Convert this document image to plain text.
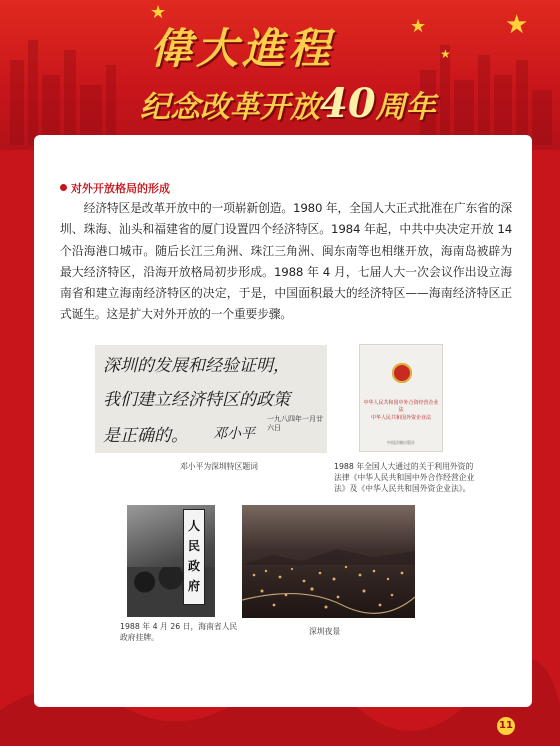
★
★
★
★
偉大進程
纪念改革开放40周年
对外开放格局的形成

经济特区是改革开放中的一项崭新创造。1980 年，全国人大正式批准在广东省的深圳、珠海、汕头和福建省的厦门设置四个经济特区。1984 年起，中共中央决定开放 14 个沿海港口城市。随后长江三角洲、珠江三角洲、闽东南等也相继开放，海南岛被辟为最大经济特区，沿海开放格局初步形成。1988 年 4 月，七届人大一次会议作出设立海南省和建立海南经济特区的决定，于是，中国面积最大的经济特区——海南经济特区正式诞生。这是扩大对外开放的一个重要步骤。

深圳的发展和经验证明，
我们建立经济特区的政策
是正确的。 邓小平
一九八四年一月廿六日

邓小平为深圳特区题词

中华人民共和国中外合资经营企业法
中华人民共和国外资企业法
中国法制出版社

1988 年全国人大通过的关于利用外资的法律《中华人民共和国中外合作经营企业法》及《中华人民共和国外资企业法》。

人民政府

1988 年 4 月 26 日，海南省人民政府挂牌。

深圳夜景

11
